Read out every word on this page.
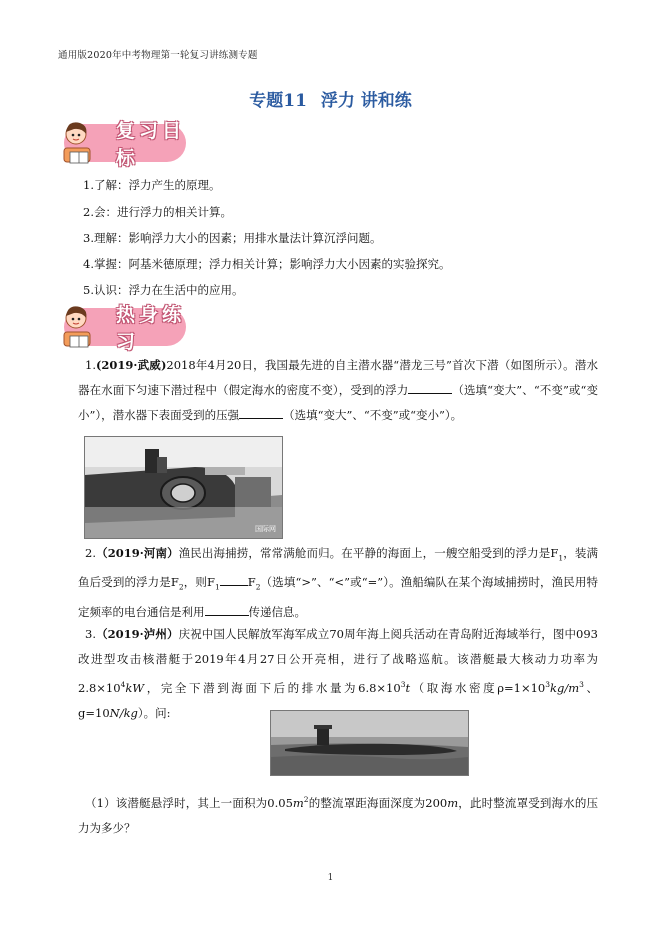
通用版2020年中考物理第一轮复习讲练测专题
专题11 浮力 讲和练
复习目标
1.了解：浮力产生的原理。
2.会：进行浮力的相关计算。
3.理解：影响浮力大小的因素；用排水量法计算沉浮问题。
4.掌握：阿基米德原理；浮力相关计算；影响浮力大小因素的实验探究。
5.认识：浮力在生活中的应用。
热身练习

1.(2019·武威)2018年4月20日，我国最先进的自主潜水器“潜龙三号”首次下潜（如图所示）。潜水器在水面下匀速下潜过程中（假定海水的密度不变），受到的浮力	（选填“变大”、“不变”或“变小”），潜水器下表面受到的压强	（选填“变大”、“不变”或“变小”）。

国际网

2.（2019·河南）渔民出海捕捞，常常满舱而归。在平静的海面上，一艘空船受到的浮力是$F_1$，装满鱼后受到的浮力是$F_2$，则$F_1$ $F_2$（选填“>”、“<”或“=”）。渔船编队在某个海域捕捞时，渔民用特定频率的电台通信是利用	传递信息。

3.（2019·泸州）庆祝中国人民解放军海军成立70周年海上阅兵活动在青岛附近海域举行，图中093改进型攻击核潜艇于2019年4月27日公开亮相，进行了战略巡航。该潜艇最大核动力功率为$2.8\times 10^4kW$，完全下潜到海面下后的排水量为$6.8\times 10^3t$（取海水密度$\rho=1\times 10^3kg/m^3$、g=10N/kg）。问:

（1）该潜艇悬浮时，其上一面积为$0.05m^2$的整流罩距海面深度为200m，此时整流罩受到海水的压力为多少？

1
